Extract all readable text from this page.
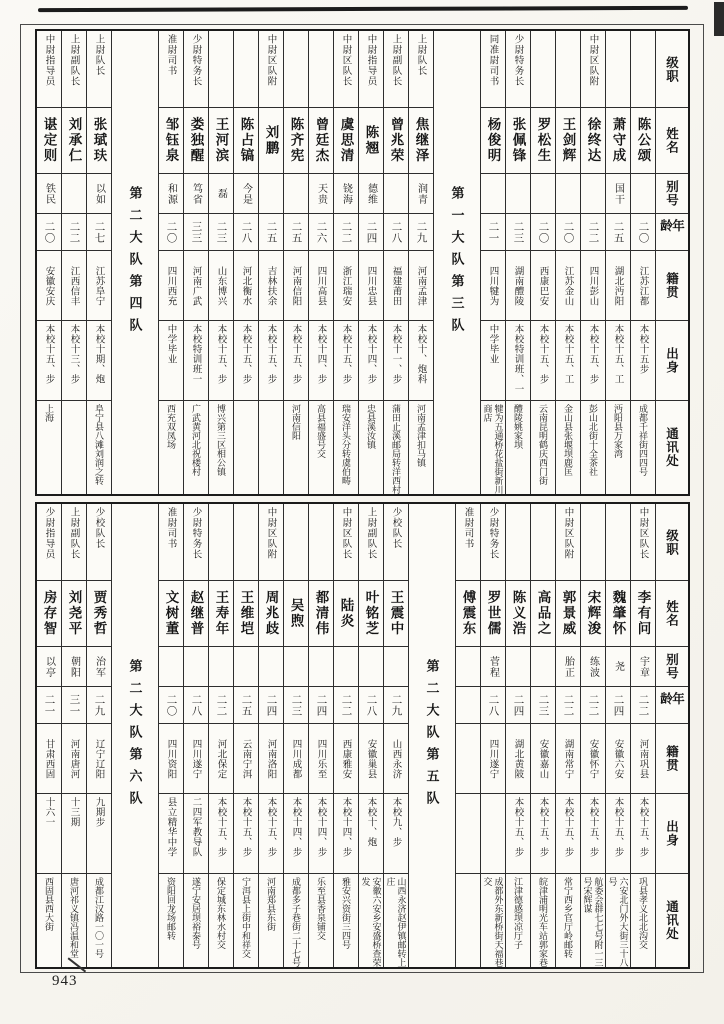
级职
姓名
别号
年龄
籍贯
出身
通讯处
陈公颂
二〇
江苏江都
本校十五步
成都千祥街四四号
萧守成
国干
二五
湖北沔阳
本校十五、工
沔阳县万家湾
中尉区队附
徐终达
二二
四川彭山
本校十五、步
彭山北街十全茶社
王剑辉
二〇
江苏金山
本校十五、工
金山县张堰坝鹿匡
罗松生
二〇
西康巴安
本校十五、步
云南昆明鹤庆西门街
少尉特务长
张佩锋
二三
湖南醴陵
本校特训班、一
醴陵姚家坝
同准尉司书
杨俊明
二一
四川犍为
中学毕业
犍为五通桥花盐街新川商店
第一大队第三队
上尉队长
焦继泽
润青
二九
河南孟津
本校十、炮科
河南孟津扣马镇
上尉副队长
曾兆荣
二八
福建莆田
本校十一、步
蒲田止溪邮局转洋西村
中尉指导员
陈翘
德维
二四
四川忠县
本校十四、步
忠县溪汝镇
中尉区队长
虞思清
铙海
二二
浙江瑞安
本校十五、步
瑞安洋头分转虞伯畴
曾廷杰
天贵
二六
四川高县
本校十四、步
高县福盛号交
陈齐宪
二五
河南信阳
本校十五、步
河南信阳
中尉区队附
刘鹏
二五
吉林扶余
本校十五、步
陈占镐
今是
二八
河北衡水
本校十五、步
王河滨
磊
二三
山东博兴
本校十五、步
博兴第三区相公镇
少尉特务长
娄独醒
笃省
三三
河南广武
本校特训班一
广武黄河北祝楼村
准尉司书
邹钰泉
和源
二〇
四川西充
中学毕业
西充双凤场
第二大队第四队
上尉队长
张珷玞
以如
二七
江苏阜宁
本校十期、炮
阜宁县八滩刘润之转
上尉副队长
刘承仁
二二
江西信丰
本校十三、步
中尉指导员
谌定则
铁民
二〇
安徽安庆
本校十五、步
上海
级职
姓名
别号
年龄
籍贯
出身
通讯处
中尉区队长
李有问
宇章
二二
河南巩县
本校十五、步
巩县孝义北北沟交
魏肇怀
尧
二四
安徽六安
本校十五、步
六安北门外大街三十八号
宋辉浚
练波
二二
安徽怀宁
本校十五、步
航委会群七七号附一三号宋辉谋
中尉区队附
郭景威
胎正
二二
湖南常宁
本校十五、步
常宁西乡官厅岭邮转
高品之
二三
安徽嘉山
本校十五、步
皖津浦明光车站郭家巷
陈义浩
二四
湖北黄陂
本校十五、步
江津德感坝凉厅子
少尉特务长
罗世儒
菅程
二八
四川遂宁
成都外东新桥街天福巷交
准尉司书
傅震东
第二大队第五队
少校队长
王震中
二九
山西永济
本校九、步
山西永济赵伊镇邮转上庄
上尉副队长
叶铭芝
二八
安徽巢县
本校十、炮
安徽六安乡安盛桥查荣发
中尉区队长
陆炎
二二
西康雅安
本校十四、步
雅安兴资街三四号
都清伟
二四
四川乐至
本校十四、步
乐至县香泉铺交
吴煦
二三
四川成都
本校十四、步
成都多子巷街二十七号
中尉区队附
周兆歧
二四
河南洛阳
本校十五、步
河南郑县东街
王维垲
二五
云南宁洱
本校十五、步
宁洱县上街中和祥交
王寿年
二二
河北保定
本校十五、步
保定城东林水村交
少尉特务长
赵继普
二八
四川遂宁
二四军教导队
遂宁安居坝裕泰号
准尉司书
文树董
二〇
四川资阳
县立精华中学
资阳回龙场邮转
第二大队第六队
少校队长
贾秀哲
治军
二九
辽宁辽阳
九期步
成都江汉路一〇一号
上尉副队长
刘尧平
朝阳
三一
河南唐河
十三期
唐河祁义镇冯温和堂
少尉指导员
房存智
以亭
二一
甘肃西固
十六一
西固县西大街
943
